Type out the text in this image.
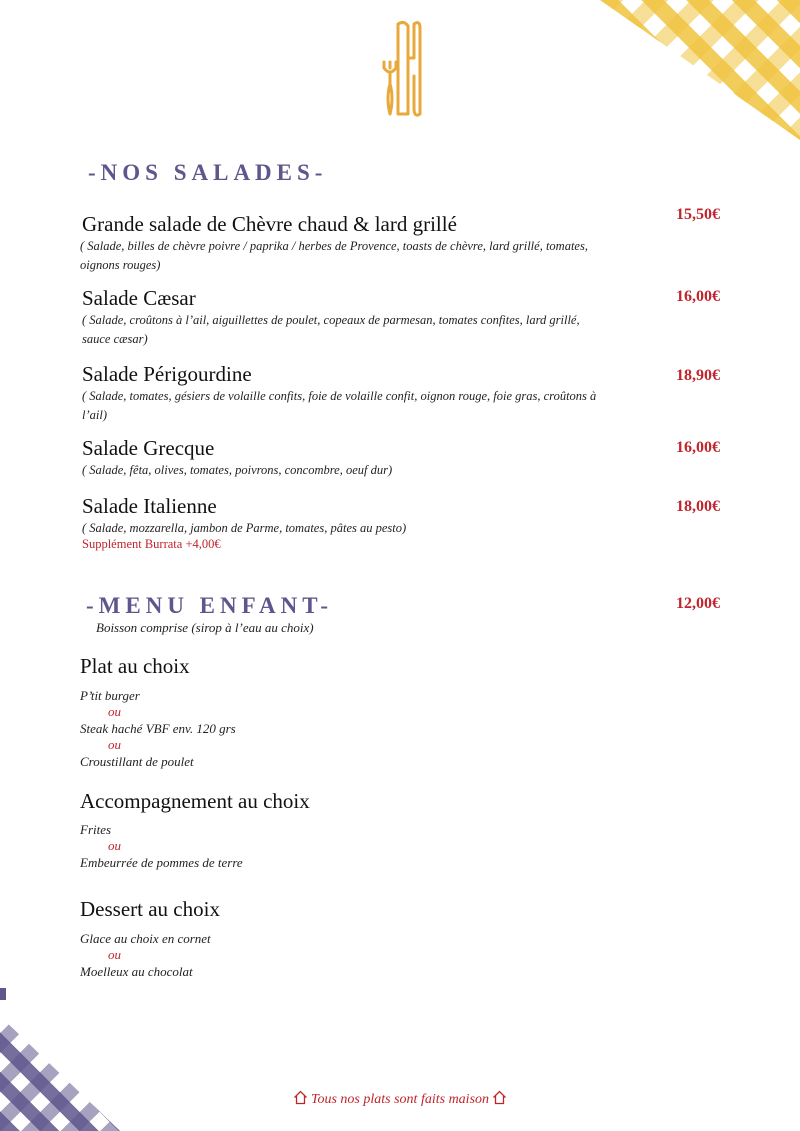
-NOS SALADES-
Grande salade de Chèvre chaud & lard grillé	15,50€
( Salade, billes de chèvre poivre / paprika / herbes de Provence, toasts de chèvre, lard grillé, tomates, oignons rouges)
Salade Cæsar	16,00€
( Salade, croûtons à l’ail, aiguillettes de poulet, copeaux de parmesan, tomates confites, lard grillé, sauce cæsar)
Salade Périgourdine	18,90€
( Salade, tomates, gésiers de volaille confits, foie de volaille confit, oignon rouge, foie gras, croûtons à l’ail)
Salade Grecque	16,00€
( Salade, fêta, olives, tomates, poivrons, concombre, oeuf dur)
Salade Italienne	18,00€
( Salade, mozzarella, jambon de Parme, tomates, pâtes au pesto)
Supplément Burrata +4,00€
-MENU ENFANT-	12,00€
Boisson comprise (sirop à l’eau au choix)
Plat au choix
P’tit burger
ou
Steak haché VBF env. 120 grs
ou
Croustillant de poulet
Accompagnement au choix
Frites
ou
Embeurrée de pommes de terre
Dessert au choix
Glace au choix en cornet
ou
Moelleux au chocolat
Tous nos plats sont faits maison
